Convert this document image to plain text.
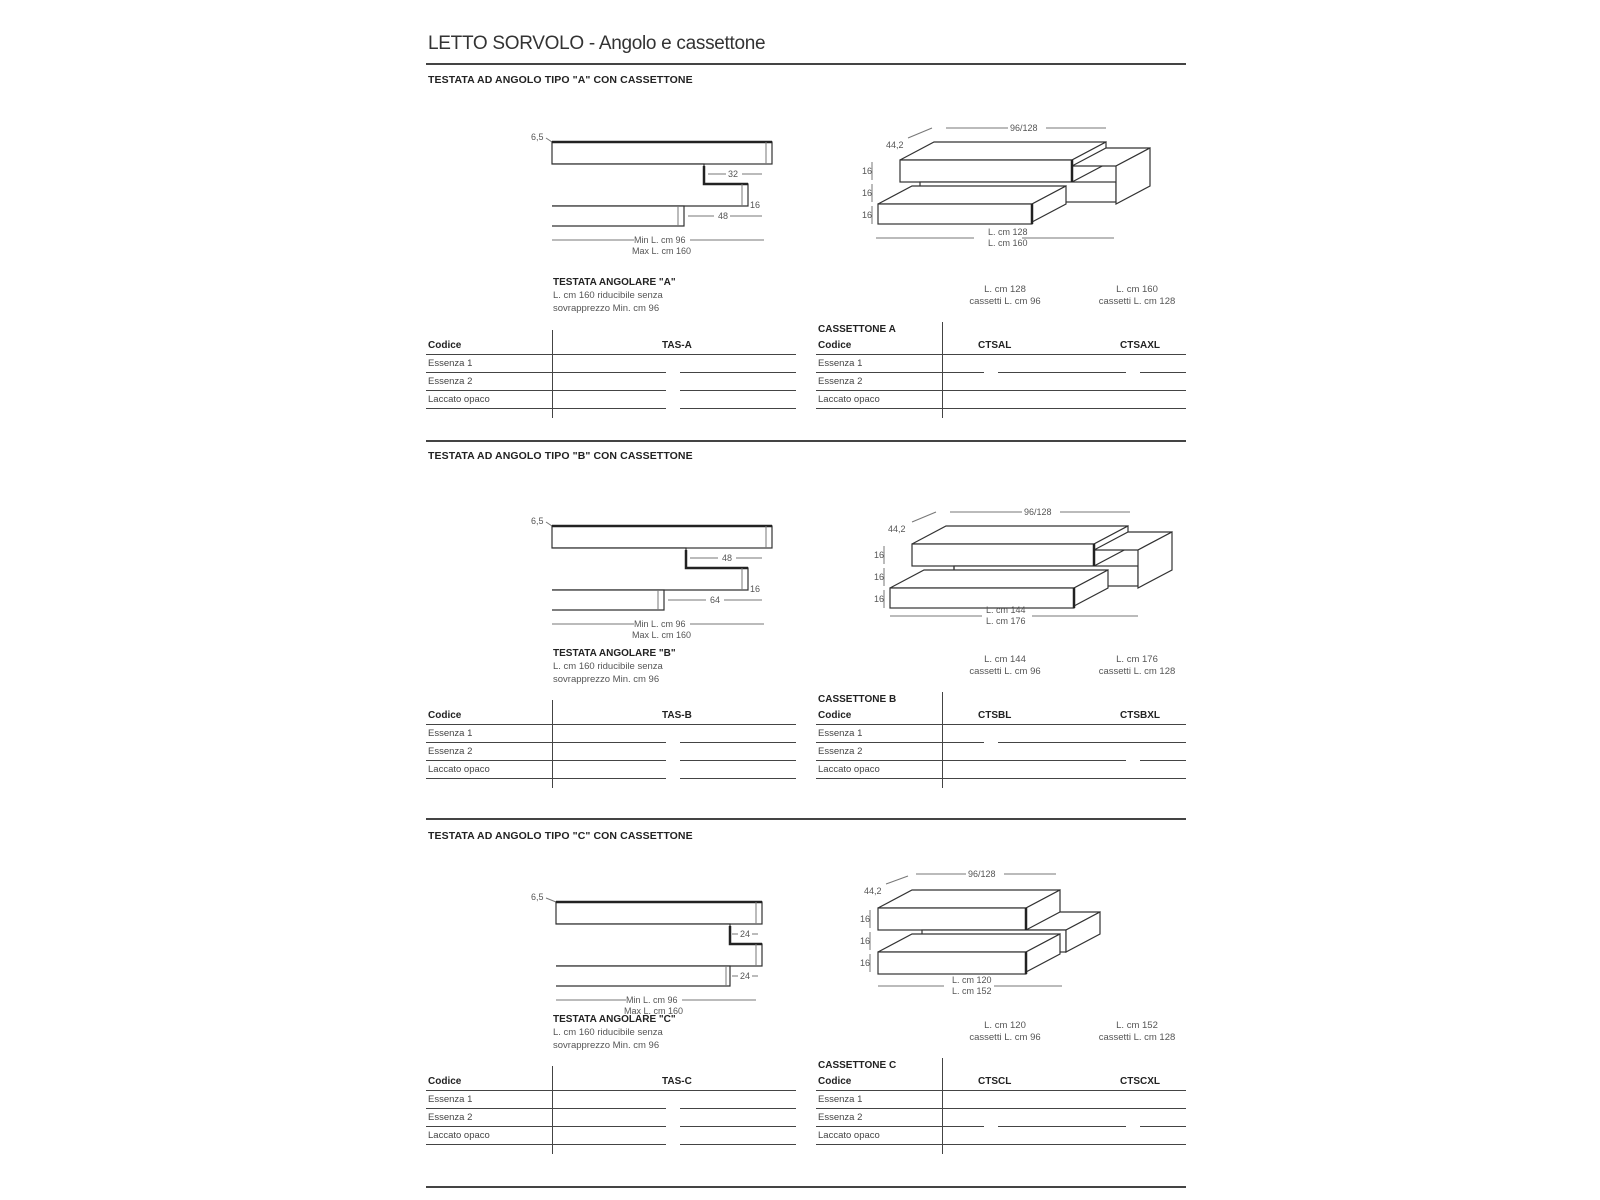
LETTO SORVOLO - Angolo e cassettone
TESTATA AD ANGOLO TIPO "A" CON CASSETTONE
6,5
32
16
48
Min L. cm 96
Max L. cm 160
96/128
44,2
16
16
16
L. cm 128
L. cm 160
TESTATA ANGOLARE "A"
L. cm 160 riducibile senza
sovrapprezzo Min. cm 96
L. cm 128
cassetti L. cm 96
L. cm 160
cassetti L. cm 128
Codice	TAS-A
Essenza 1
Essenza 2
Laccato opaco
CASSETTONE A
Codice	CTSAL	CTSAXL
Essenza 1
Essenza 2
Laccato opaco
TESTATA AD ANGOLO TIPO "B" CON CASSETTONE
6,5
48
16
64
Min L. cm 96
Max L. cm 160
96/128
44,2
16
16
16
L. cm 144
L. cm 176
TESTATA ANGOLARE "B"
L. cm 160 riducibile senza
sovrapprezzo Min. cm 96
L. cm 144
cassetti L. cm 96
L. cm 176
cassetti L. cm 128
Codice	TAS-B
Essenza 1
Essenza 2
Laccato opaco
CASSETTONE B
Codice	CTSBL	CTSBXL
Essenza 1
Essenza 2
Laccato opaco
TESTATA AD ANGOLO TIPO "C" CON CASSETTONE
6,5
24
24
Min L. cm 96
Max L. cm 160
96/128
44,2
16
16
16
L. cm 120
L. cm 152
TESTATA ANGOLARE "C"
L. cm 160 riducibile senza
sovrapprezzo Min. cm 96
L. cm 120
cassetti L. cm 96
L. cm 152
cassetti L. cm 128
Codice	TAS-C
Essenza 1
Essenza 2
Laccato opaco
CASSETTONE C
Codice	CTSCL	CTSCXL
Essenza 1
Essenza 2
Laccato opaco
